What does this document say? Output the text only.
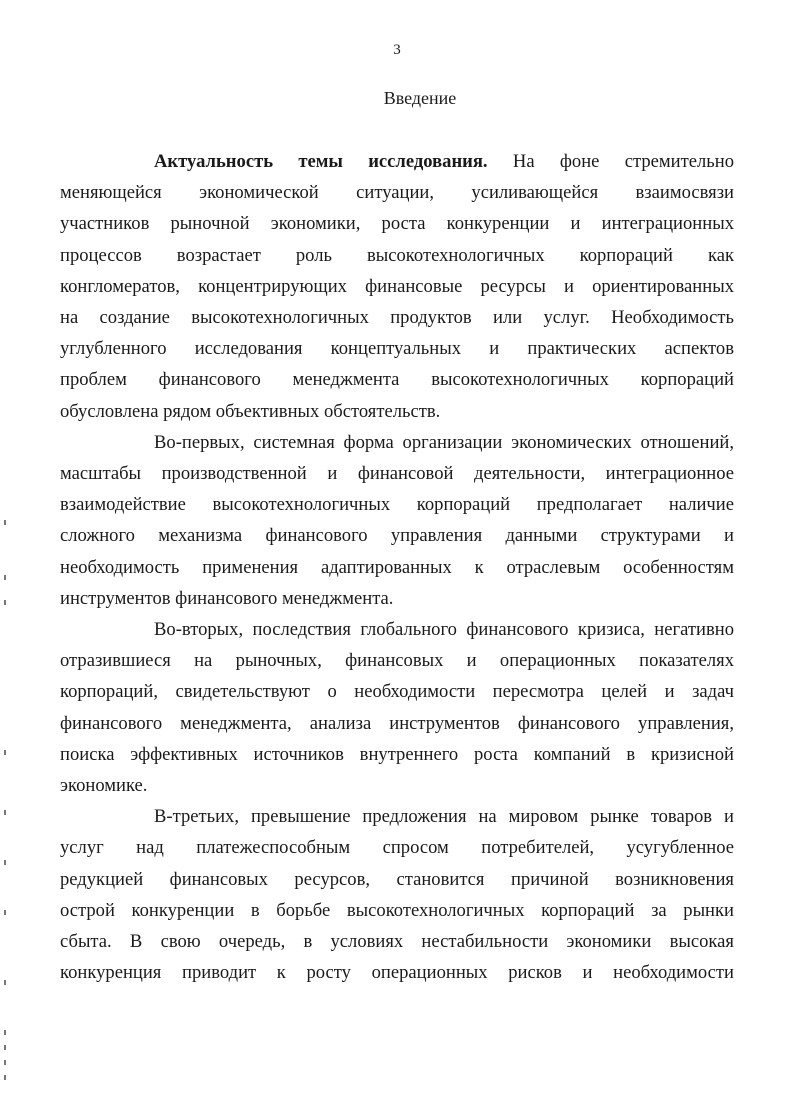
3
Введение

Актуальность темы исследования. На фоне стремительно
меняющейся экономической ситуации, усиливающейся взаимосвязи
участников рыночной экономики, роста конкуренции и интеграционных
процессов возрастает роль высокотехнологичных корпораций как
конгломератов, концентрирующих финансовые ресурсы и ориентированных
на создание высокотехнологичных продуктов или услуг. Необходимость
углубленного исследования концептуальных и практических аспектов
проблем финансового менеджмента высокотехнологичных корпораций
обусловлена рядом объективных обстоятельств.

Во-первых, системная форма организации экономических отношений,
масштабы производственной и финансовой деятельности, интеграционное
взаимодействие высокотехнологичных корпораций предполагает наличие
сложного механизма финансового управления данными структурами и
необходимость применения адаптированных к отраслевым особенностям
инструментов финансового менеджмента.

Во-вторых, последствия глобального финансового кризиса, негативно
отразившиеся на рыночных, финансовых и операционных показателях
корпораций, свидетельствуют о необходимости пересмотра целей и задач
финансового менеджмента, анализа инструментов финансового управления,
поиска эффективных источников внутреннего роста компаний в кризисной
экономике.

В-третьих, превышение предложения на мировом рынке товаров и
услуг над платежеспособным спросом потребителей, усугубленное
редукцией финансовых ресурсов, становится причиной возникновения
острой конкуренции в борьбе высокотехнологичных корпораций за рынки
сбыта. В свою очередь, в условиях нестабильности экономики высокая
конкуренция приводит к росту операционных рисков и необходимости
